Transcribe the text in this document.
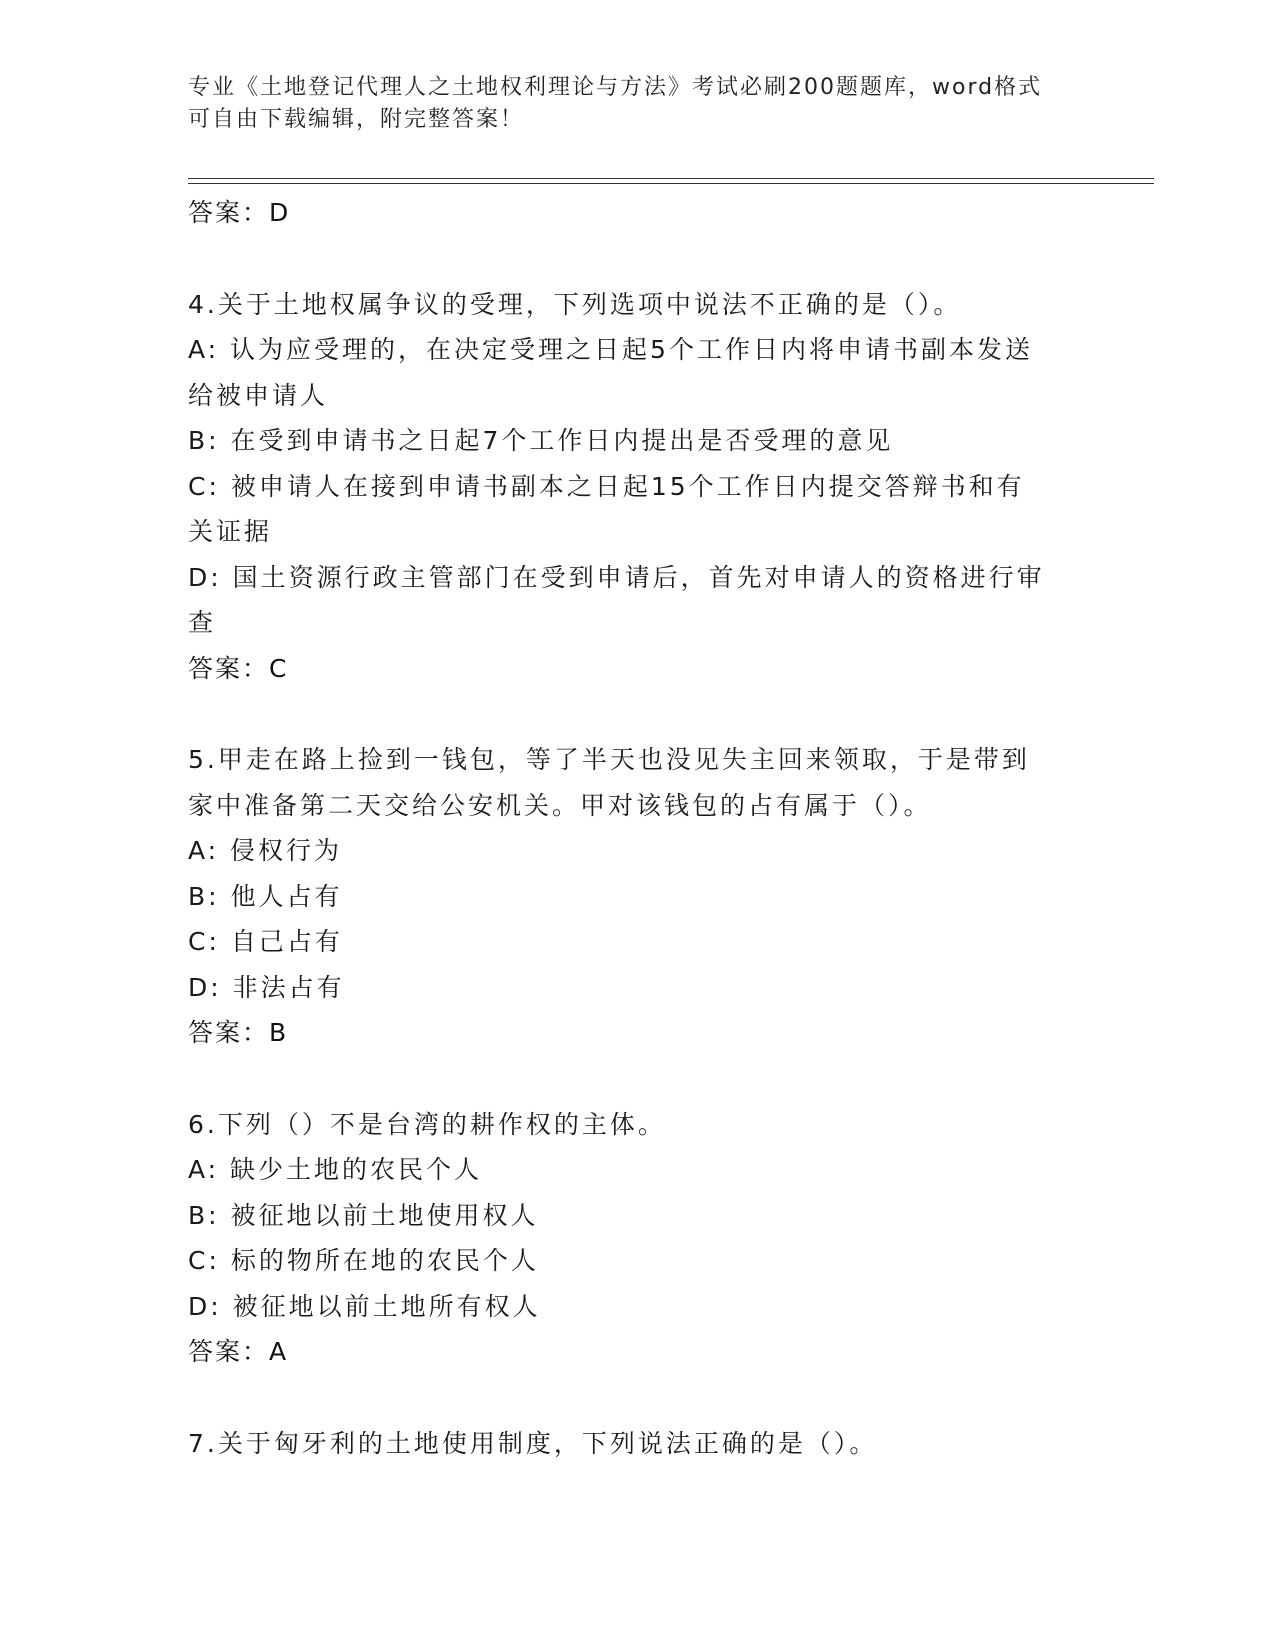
专业《土地登记代理人之土地权利理论与方法》考试必刷200题题库，word格式
可自由下载编辑，附完整答案！
答案：D
4.关于土地权属争议的受理，下列选项中说法不正确的是（）。
A: 认为应受理的，在决定受理之日起5个工作日内将申请书副本发送
给被申请人
B: 在受到申请书之日起7个工作日内提出是否受理的意见
C: 被申请人在接到申请书副本之日起15个工作日内提交答辩书和有
关证据
D: 国土资源行政主管部门在受到申请后，首先对申请人的资格进行审
查
答案：C
5.甲走在路上捡到一钱包，等了半天也没见失主回来领取，于是带到
家中准备第二天交给公安机关。甲对该钱包的占有属于（）。
A: 侵权行为
B: 他人占有
C: 自己占有
D: 非法占有
答案：B
6.下列（）不是台湾的耕作权的主体。
A: 缺少土地的农民个人
B: 被征地以前土地使用权人
C: 标的物所在地的农民个人
D: 被征地以前土地所有权人
答案：A
7.关于匈牙利的土地使用制度，下列说法正确的是（）。
